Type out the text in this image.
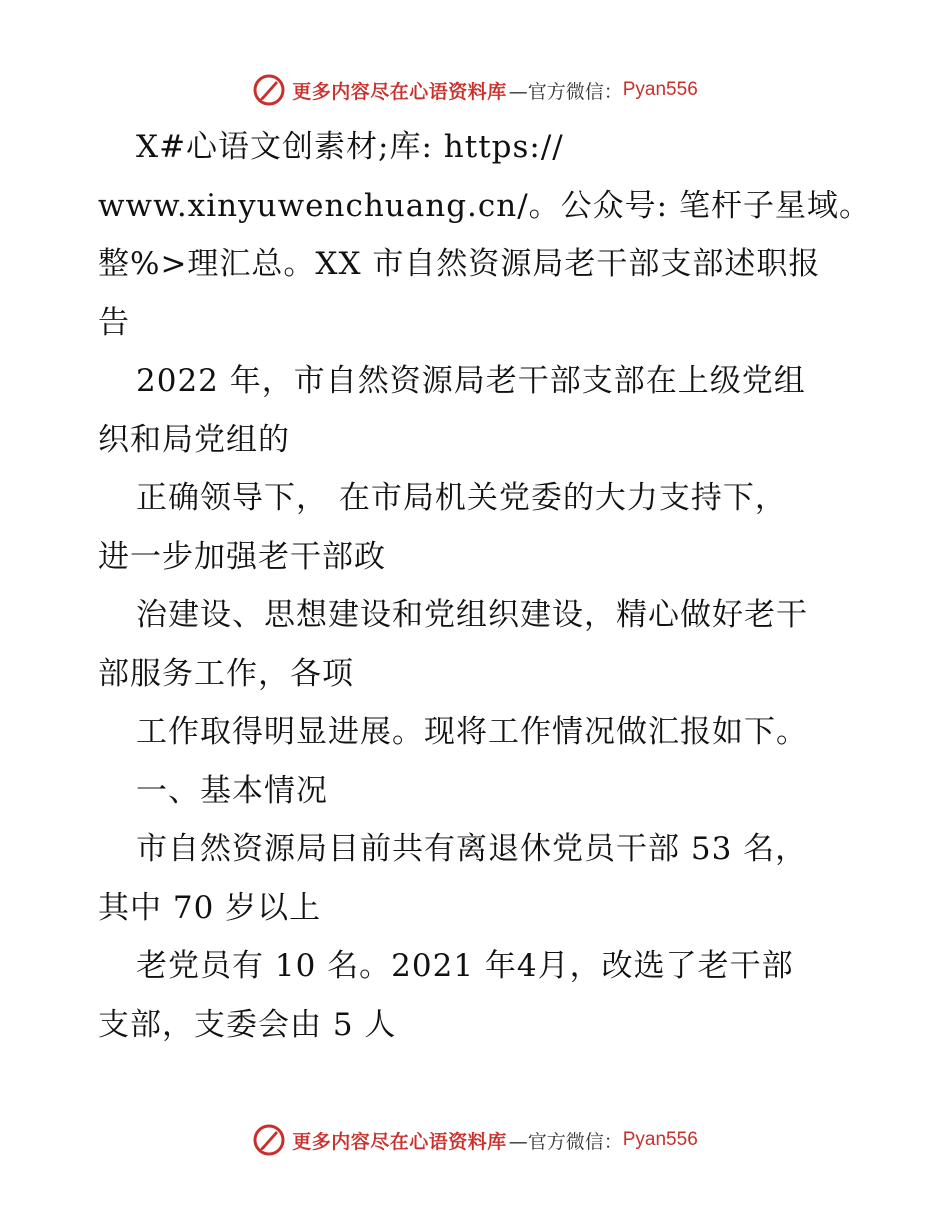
更多内容尽在心语资料库 —官方微信： Pyan556
X#心语文创素材;库: https://
www.xinyuwenchuang.cn/。公众号: 笔杆子星域。
整%>理汇总。XX 市自然资源局老干部支部述职报
告
2022 年，市自然资源局老干部支部在上级党组
织和局党组的
正确领导下， 在市局机关党委的大力支持下，
进一步加强老干部政
治建设、思想建设和党组织建设，精心做好老干
部服务工作，各项
工作取得明显进展。现将工作情况做汇报如下。
一、基本情况
市自然资源局目前共有离退休党员干部 53 名，
其中 70 岁以上
老党员有 10 名。2021 年4月，改选了老干部
支部，支委会由 5 人
更多内容尽在心语资料库 —官方微信： Pyan556
